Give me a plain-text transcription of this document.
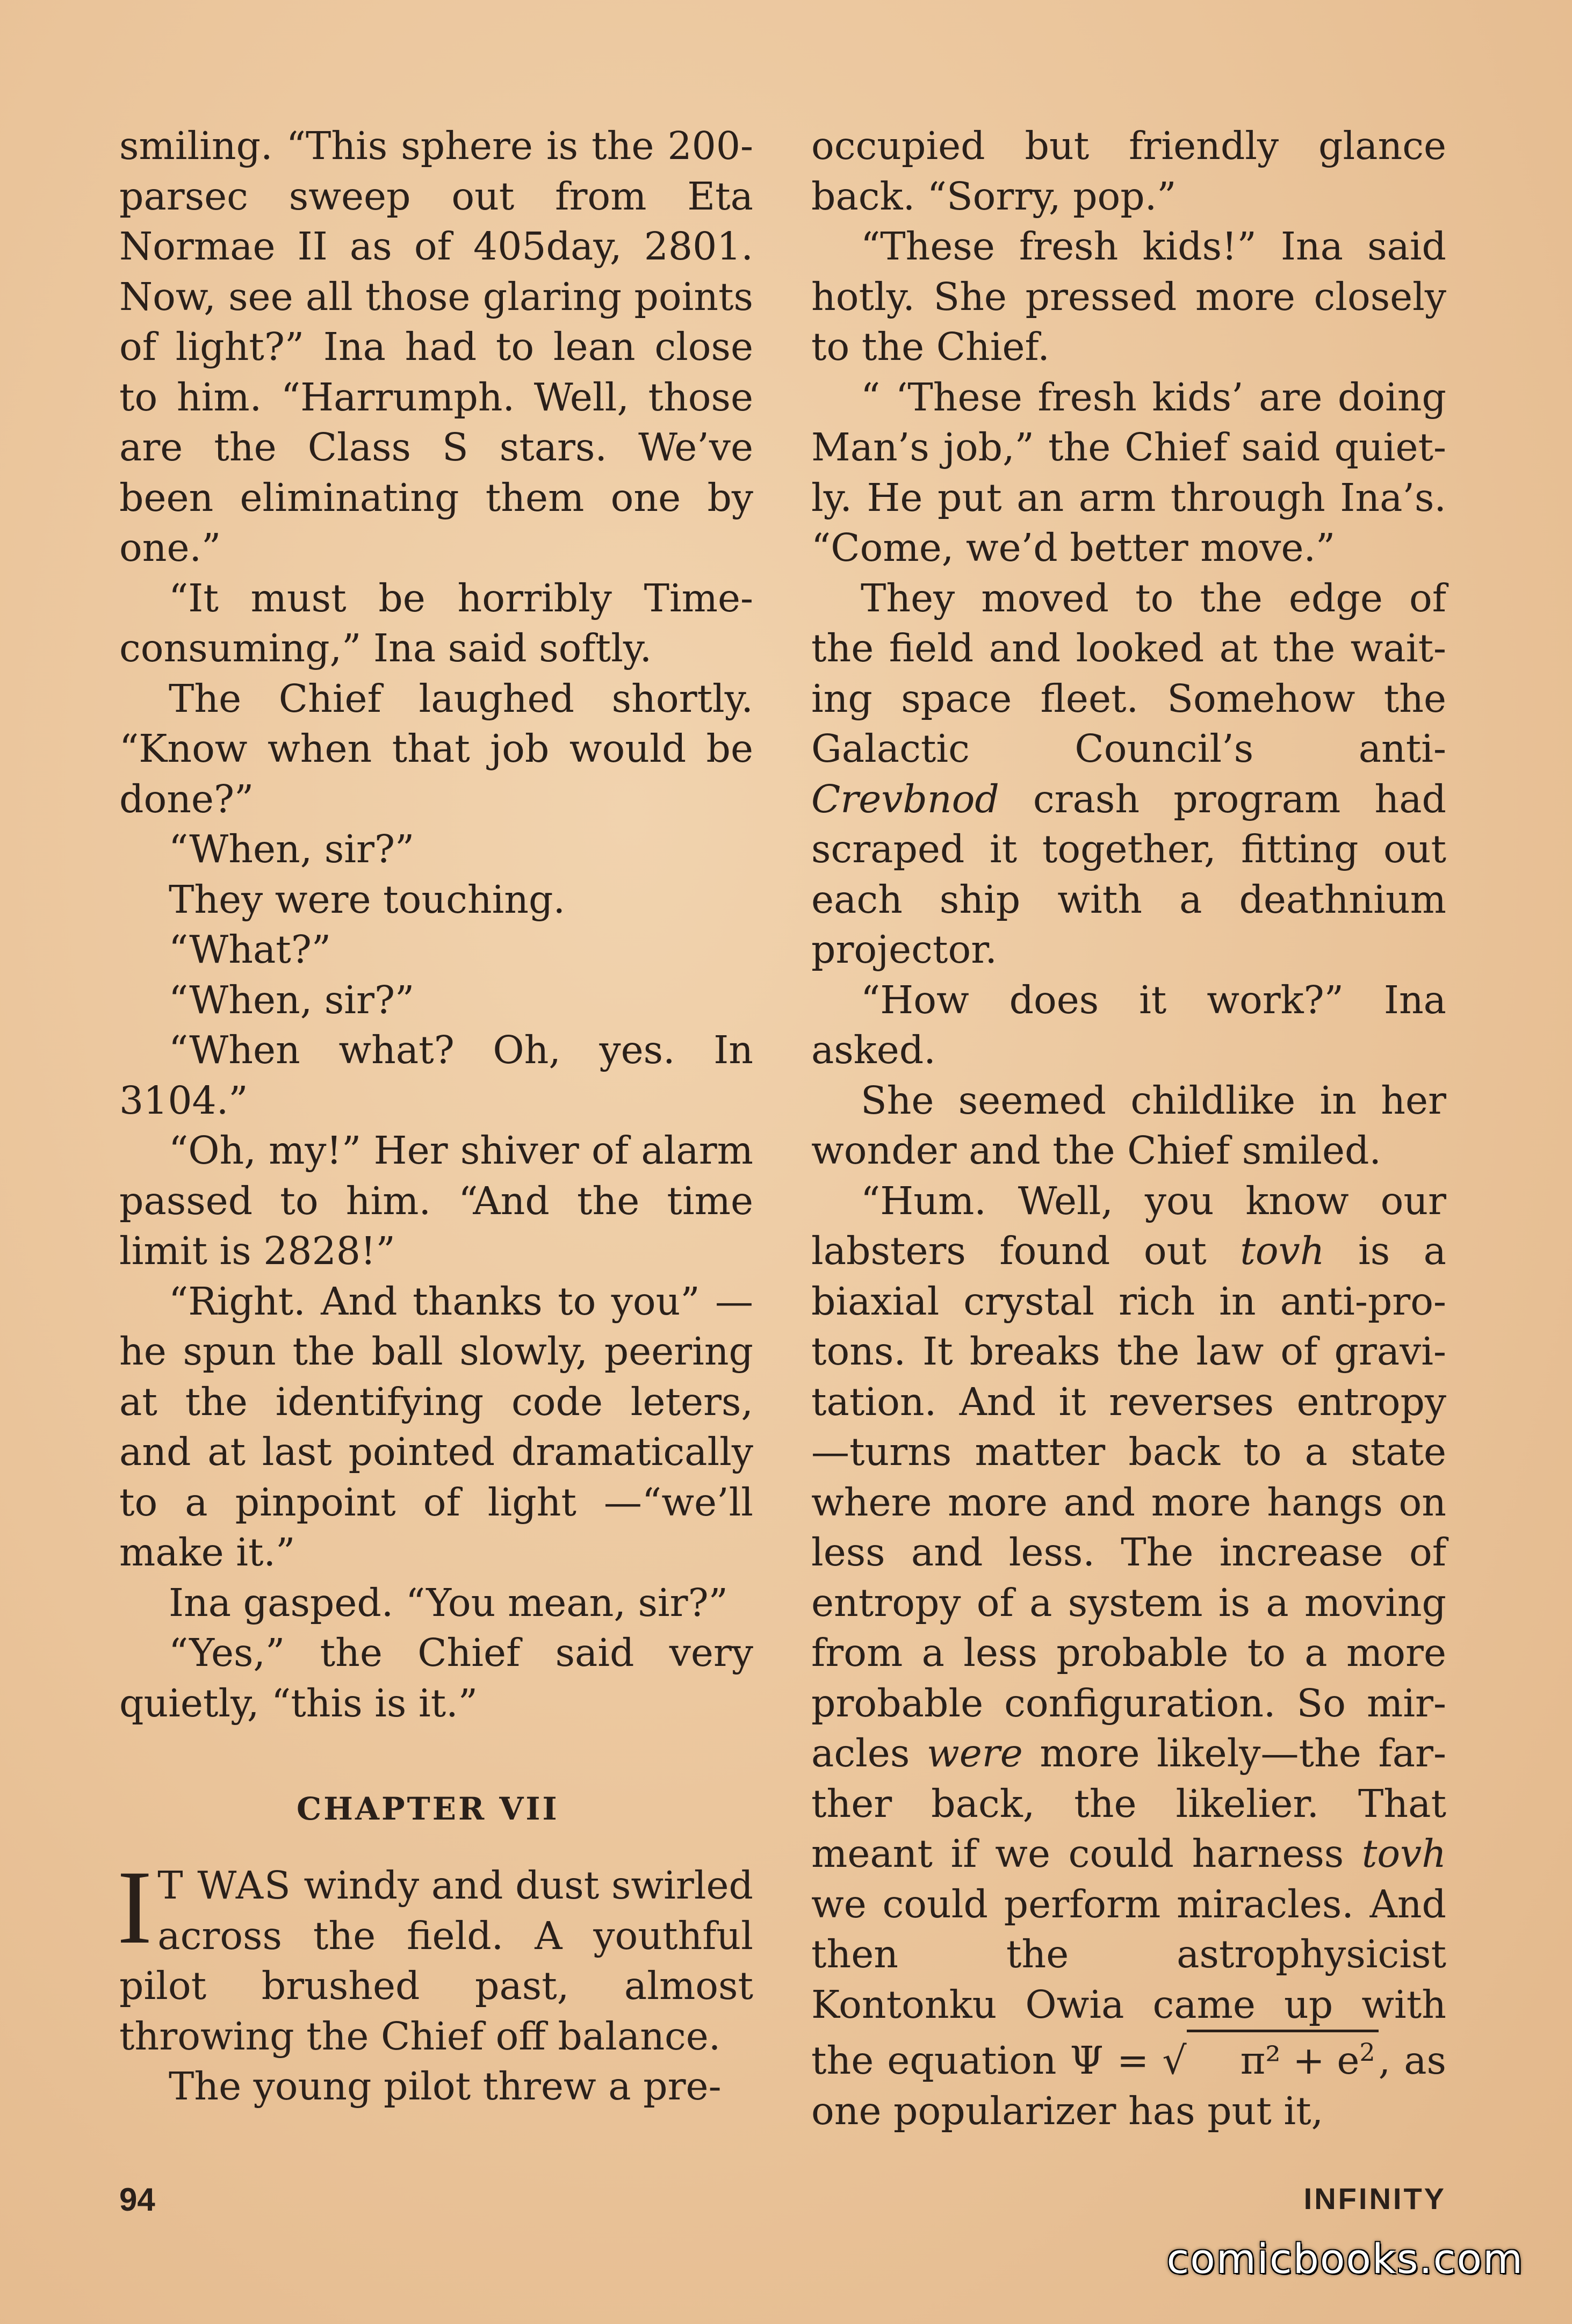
smiling. “This sphere is the 200-parsec sweep out from Eta Normae II as of 405day, 2801. Now, see all those glaring points of light?” Ina had to lean close to him. “Harrumph. Well, those are the Class S stars. We’ve been eliminating them one by one.”

“It must be horribly Time-consuming,” Ina said softly.

The Chief laughed shortly. “Know when that job would be done?”

“When, sir?”

They were touching.

“What?”

“When, sir?”

“When what? Oh, yes. In 3104.”

“Oh, my!” Her shiver of alarm passed to him. “And the time limit is 2828!”

“Right. And thanks to you” —he spun the ball slowly, peering at the identifying code leters, and at last pointed dramatically to a pinpoint of light —“we’ll make it.”

Ina gasped. “You mean, sir?”

“Yes,” the Chief said very quietly, “this is it.”

CHAPTER VII

I T WAS windy and dust swirled across the field. A youthful pilot brushed past, almost throwing the Chief off balance.

The young pilot threw a pre-

occupied but friendly glance back. “Sorry, pop.”

“These fresh kids!” Ina said hotly. She pressed more closely to the Chief.

“ ‘These fresh kids’ are doing Man’s job,” the Chief said quietly. He put an arm through Ina’s. “Come, we’d better move.”

They moved to the edge of the field and looked at the waiting space fleet. Somehow the Galactic Council’s anti-Crevbnod crash program had scraped it together, fitting out each ship with a deathnium projector.

“How does it work?” Ina asked.

She seemed childlike in her wonder and the Chief smiled.

“Hum. Well, you know our labsters found out tovh is a biaxial crystal rich in anti-protons. It breaks the law of gravitation. And it reverses entropy —turns matter back to a state where more and more hangs on less and less. The increase of entropy of a system is a moving from a less probable to a more probable configuration. So miracles were more likely—the farther back, the likelier. That meant if we could harness tovh we could perform miracles. And then the astrophysicist Kontonku Owia came up with the equation Ψ = √ $\pi^2 + e^2$, as one popularizer has put it,

94	INFINITY
comicbooks.com
